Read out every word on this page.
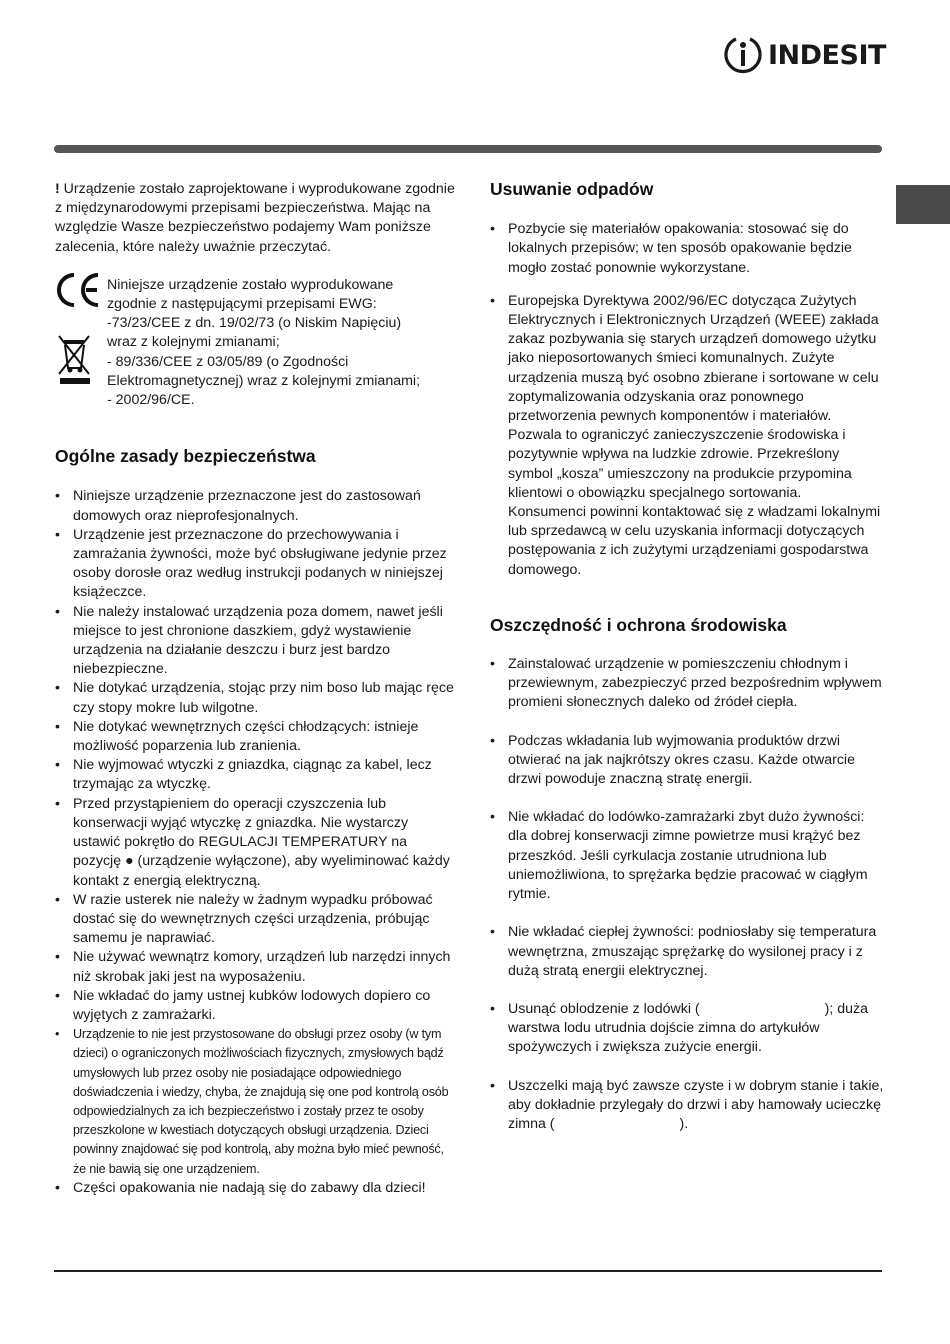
INDESIT

! Urządzenie zostało zaprojektowane i wyprodukowane zgodnie z międzynarodowymi przepisami bezpieczeństwa. Mając na względzie Wasze bezpieczeństwo podajemy Wam poniższe zalecenia, które należy uważnie przeczytać.

Niniejsze urządzenie zostało wyprodukowane

zgodnie z następującymi przepisami EWG:

-73/23/CEE z dn. 19/02/73 (o Niskim Napięciu)

wraz z kolejnymi zmianami;

- 89/336/CEE z 03/05/89 (o Zgodności

Elektromagnetycznej) wraz z kolejnymi zmianami;

- 2002/96/CE.

Ogólne zasady bezpieczeństwa
• Niniejsze urządzenie przeznaczone jest do zastosowań domowych oraz nieprofesjonalnych.
• Urządzenie jest przeznaczone do przechowywania i zamrażania żywności, może być obsługiwane jedynie przez osoby dorosłe oraz według instrukcji podanych w niniejszej książeczce.
• Nie należy instalować urządzenia poza domem, nawet jeśli miejsce to jest chronione daszkiem, gdyż wystawienie urządzenia na działanie deszczu i burz jest bardzo niebezpieczne.
• Nie dotykać urządzenia, stojąc przy nim boso lub mając ręce czy stopy mokre lub wilgotne.
• Nie dotykać wewnętrznych części chłodzących: istnieje możliwość poparzenia lub zranienia.
• Nie wyjmować wtyczki z gniazdka, ciągnąc za kabel, lecz trzymając za wtyczkę.
• Przed przystąpieniem do operacji czyszczenia lub konserwacji wyjąć wtyczkę z gniazdka. Nie wystarczy ustawić pokrętło do REGULACJI TEMPERATURY na pozycję ● (urządzenie wyłączone), aby wyeliminować każdy kontakt z energią elektryczną.
• W razie usterek nie należy w żadnym wypadku próbować dostać się do wewnętrznych części urządzenia, próbując samemu je naprawiać.
• Nie używać wewnątrz komory, urządzeń lub narzędzi innych niż skrobak jaki jest na wyposażeniu.
• Nie wkładać do jamy ustnej kubków lodowych dopiero co wyjętych z zamrażarki.
• Urządzenie to nie jest przystosowane do obsługi przez osoby (w tym dzieci) o ograniczonych możliwościach fizycznych, zmysłowych bądź umysłowych lub przez osoby nie posiadające odpowiedniego doświadczenia i wiedzy, chyba, że znajdują się one pod kontrolą osób odpowiedzialnych za ich bezpieczeństwo i zostały przez te osoby przeszkolone w kwestiach dotyczących obsługi urządzenia. Dzieci powinny znajdować się pod kontrolą, aby można było mieć pewność, że nie bawią się one urządzeniem.
• Części opakowania nie nadają się do zabawy dla dzieci!
Usuwanie odpadów
• Pozbycie się materiałów opakowania: stosować się do lokalnych przepisów; w ten sposób opakowanie będzie mogło zostać ponownie wykorzystane.
• Europejska Dyrektywa 2002/96/EC dotycząca Zużytych Elektrycznych i Elektronicznych Urządzeń (WEEE) zakłada zakaz pozbywania się starych urządzeń domowego użytku jako nieposortowanych śmieci komunalnych. Zużyte urządzenia muszą być osobno zbierane i sortowane w celu zoptymalizowania odzyskania oraz ponownego przetworzenia pewnych komponentów i materiałów. Pozwala to ograniczyć zanieczyszczenie środowiska i pozytywnie wpływa na ludzkie zdrowie. Przekreślony symbol „kosza” umieszczony na produkcie przypomina klientowi o obowiązku specjalnego sortowania.
Konsumenci powinni kontaktować się z władzami lokalnymi lub sprzedawcą w celu uzyskania informacji dotyczących postępowania z ich zużytymi urządzeniami gospodarstwa domowego.
Oszczędność i ochrona środowiska
• Zainstalować urządzenie w pomieszczeniu chłodnym i przewiewnym, zabezpieczyć przed bezpośrednim wpływem promieni słonecznych daleko od źródeł ciepła.
• Podczas wkładania lub wyjmowania produktów drzwi otwierać na jak najkrótszy okres czasu. Każde otwarcie drzwi powoduje znaczną stratę energii.
• Nie wkładać do lodówko-zamrażarki zbyt dużo żywności: dla dobrej konserwacji zimne powietrze musi krążyć bez przeszkód. Jeśli cyrkulacja zostanie utrudniona lub uniemożliwiona, to sprężarka będzie pracować w ciągłym rytmie.
• Nie wkładać ciepłej żywności: podniosłaby się temperatura wewnętrzna, zmuszając sprężarkę do wysilonej pracy i z dużą stratą energii elektrycznej.
• Usunąć oblodzenie z lodówki (	); duża warstwa lodu utrudnia dojście zimna do artykułów spożywczych i zwiększa zużycie energii.
• Uszczelki mają być zawsze czyste i w dobrym stanie i takie, aby dokładnie przylegały do drzwi i aby hamowały ucieczkę zimna (	).
